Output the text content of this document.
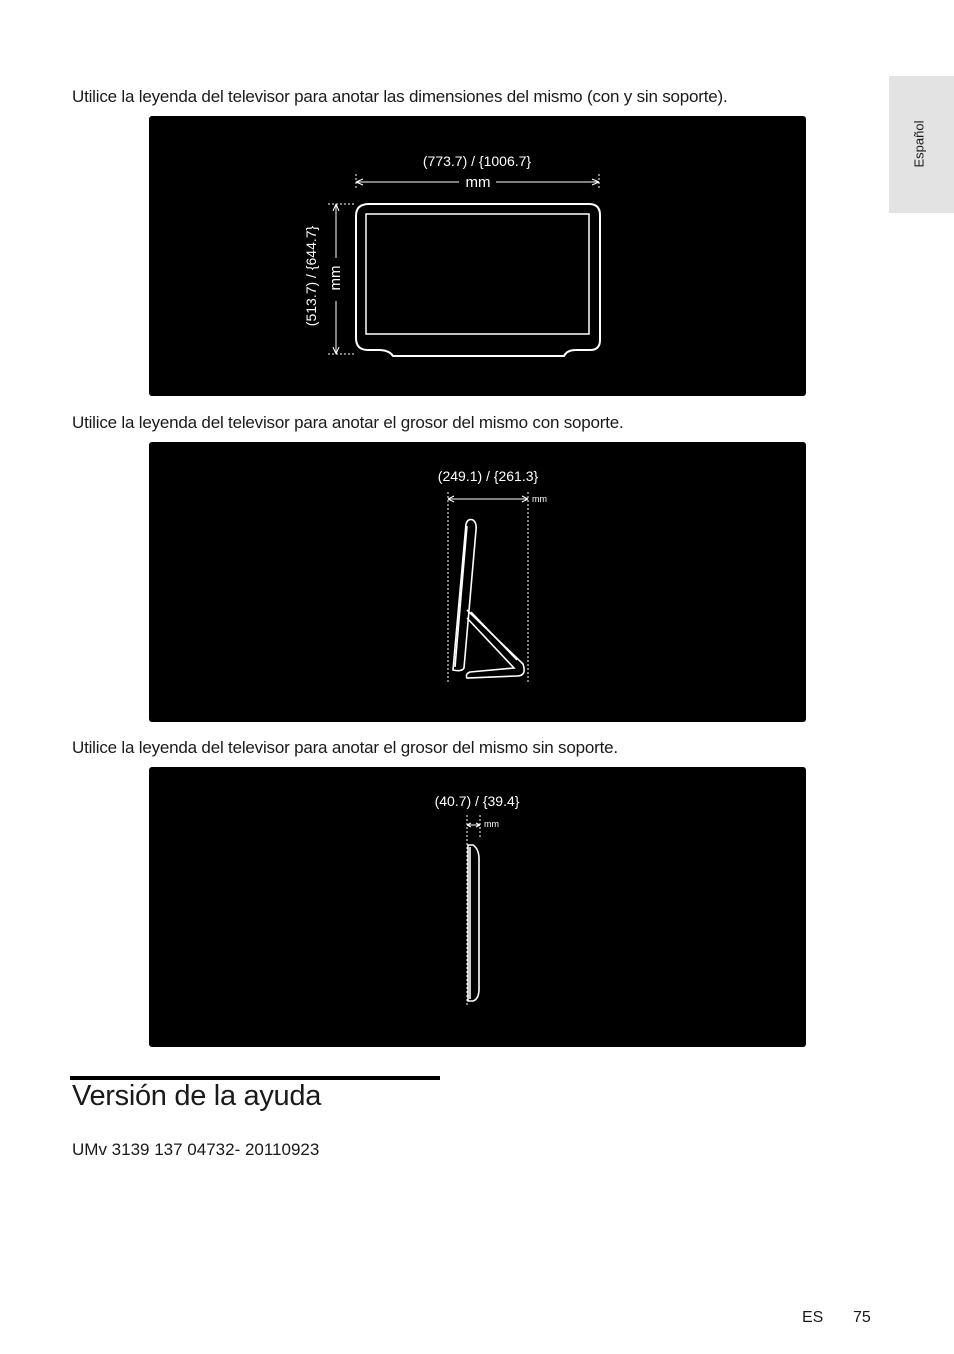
Español
Utilice la leyenda del televisor para anotar las dimensiones del mismo (con y sin soporte).
(773.7) / {1006.7}
mm
(513.7) / {644.7} mm
Utilice la leyenda del televisor para anotar el grosor del mismo con soporte.
(249.1) / {261.3}
mm
Utilice la leyenda del televisor para anotar el grosor del mismo sin soporte.
(40.7) / {39.4}
mm
Versión de la ayuda
UMv 3139 137 04732- 20110923
ES 75
